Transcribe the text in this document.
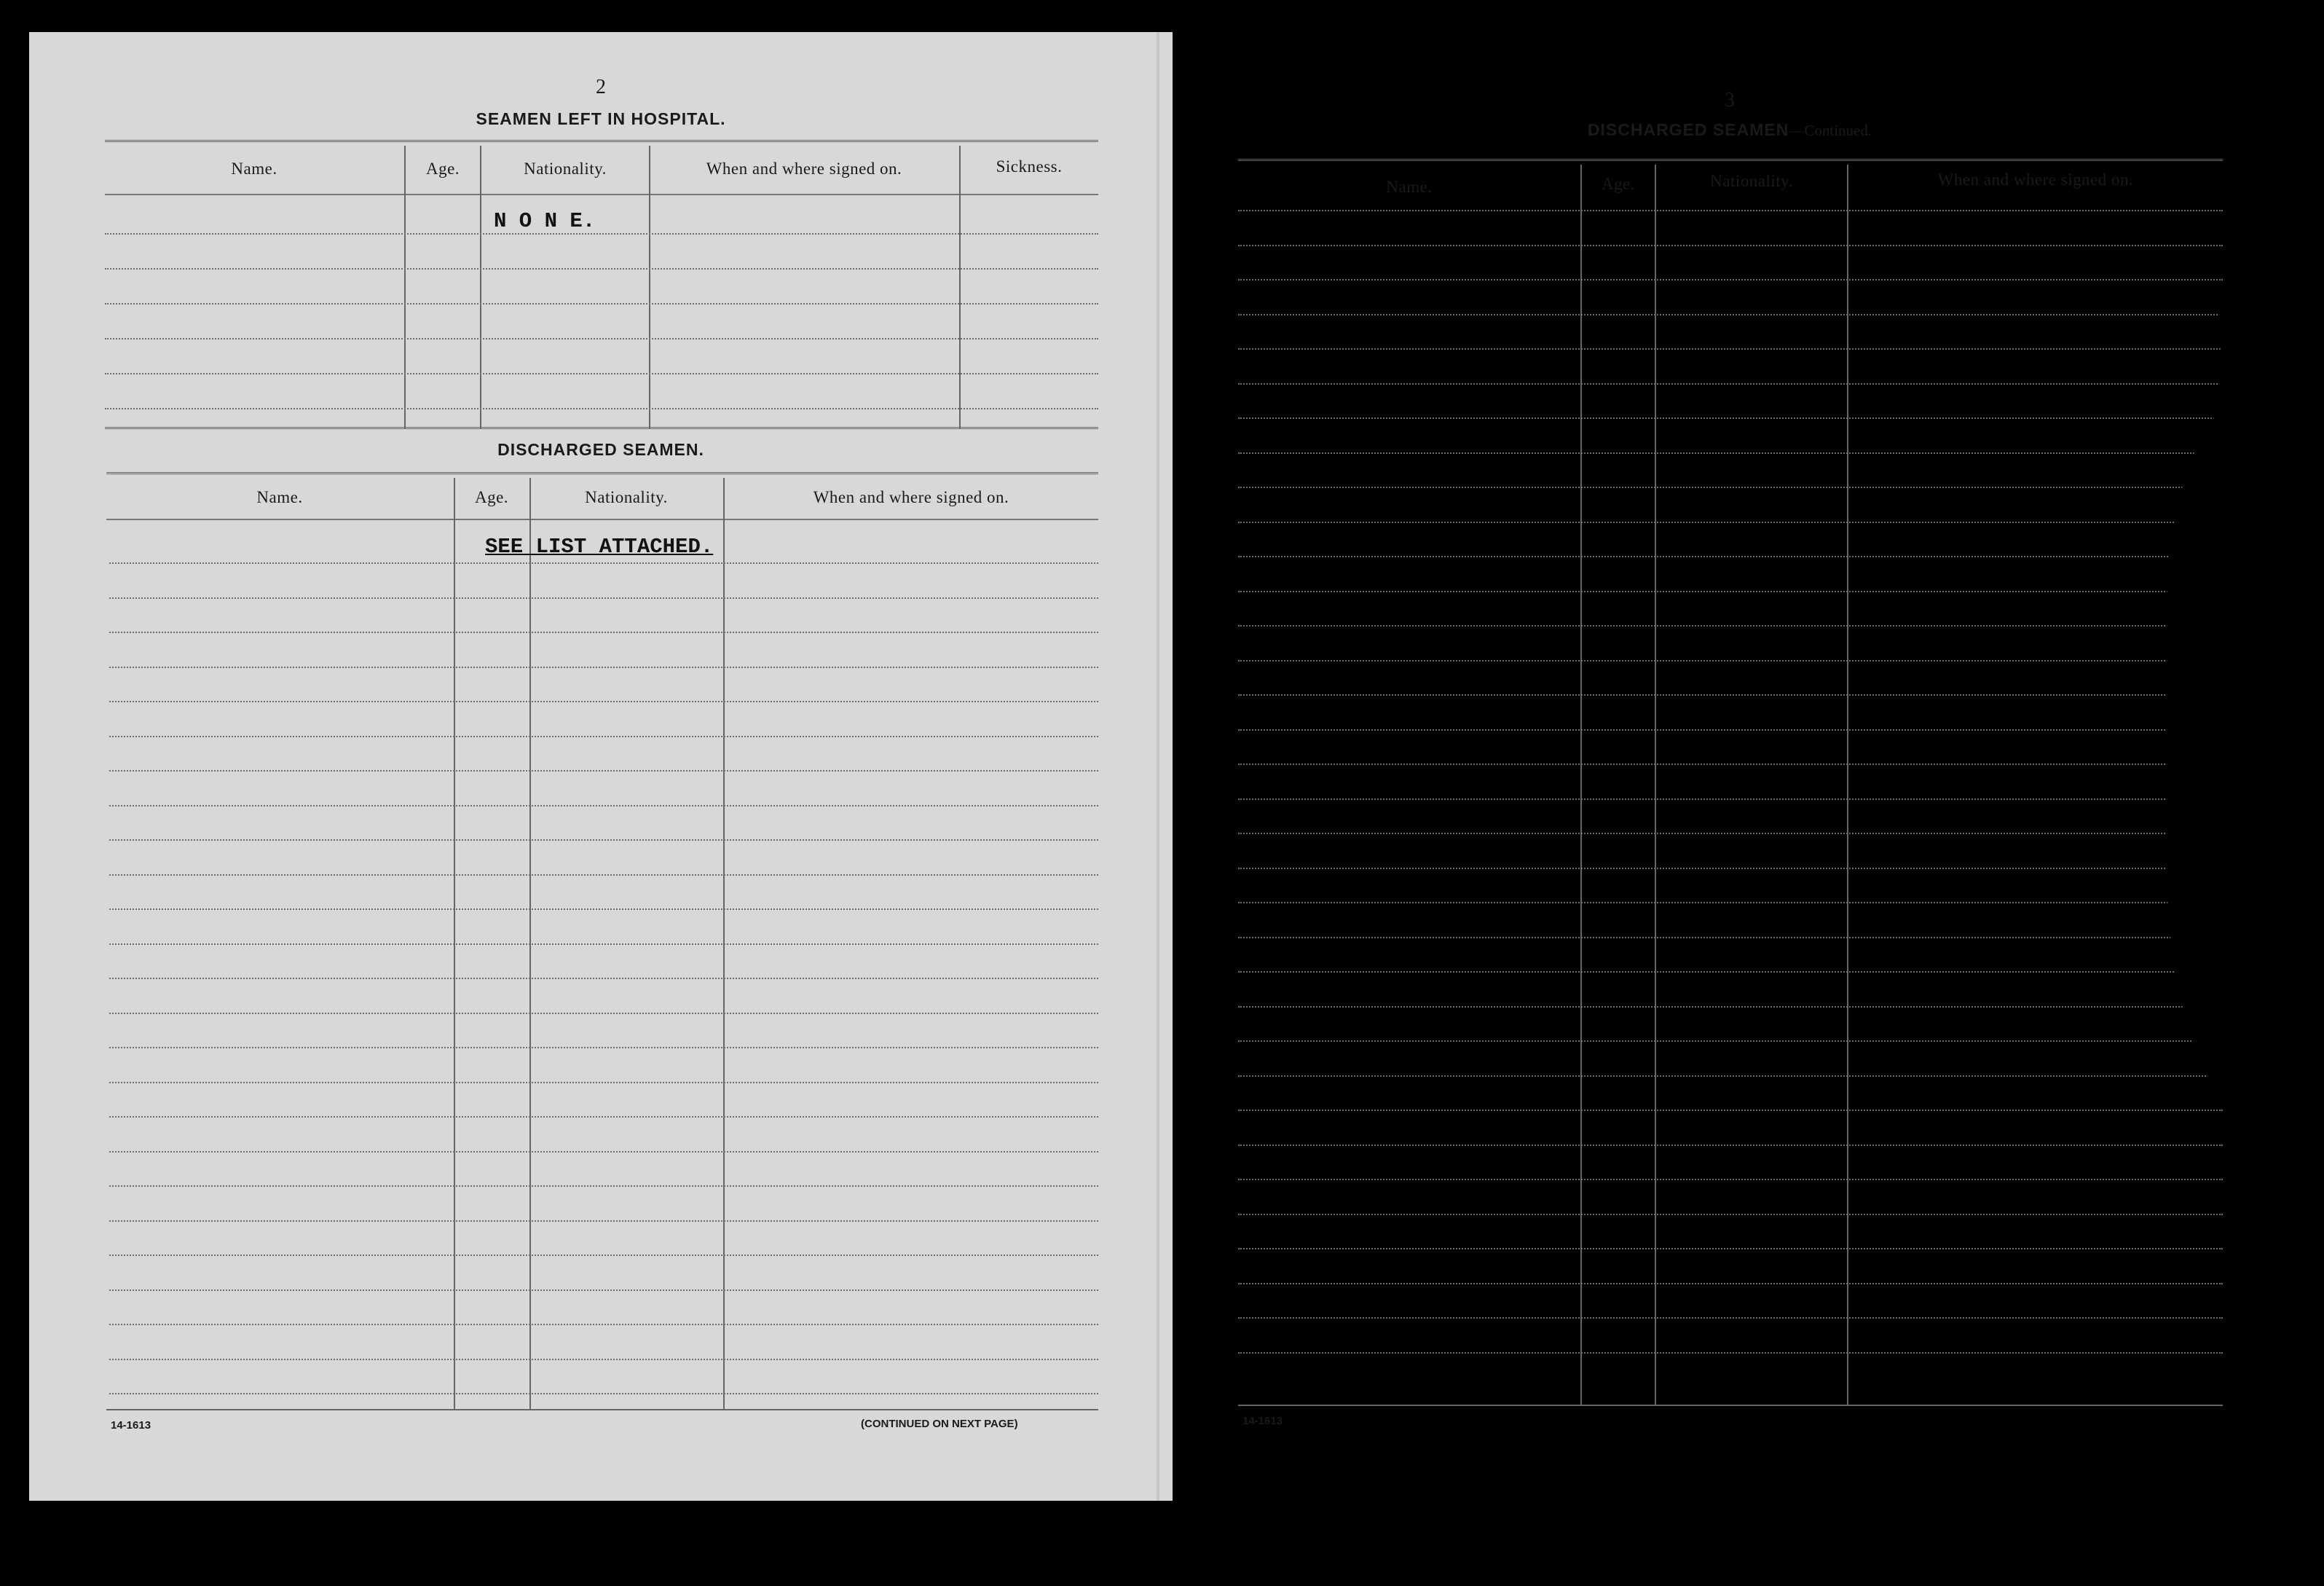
2
SEAMEN LEFT IN HOSPITAL.
Name.	Age.	Nationality.	When and where signed on.	Sickness.
N O N E.
DISCHARGED SEAMEN.
Name.	Age.	Nationality.	When and where signed on.
SEE LIST ATTACHED.
14-1613	(CONTINUED ON NEXT PAGE)
3
DISCHARGED SEAMEN—Continued.
Name.	Age.	Nationality.	When and where signed on.
14-1613
